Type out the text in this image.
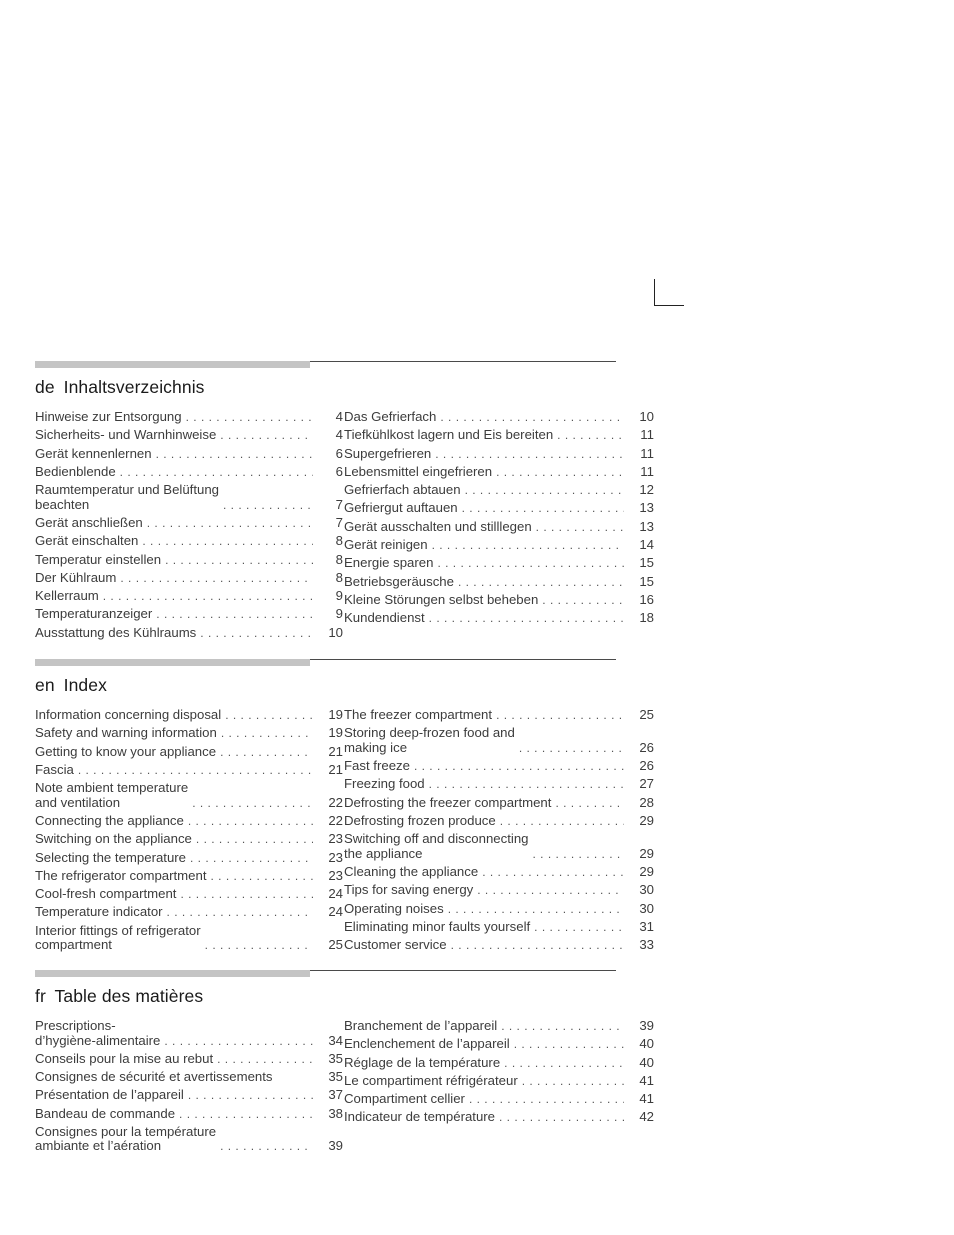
de Inhaltsverzeichnis
Hinweise zur Entsorgung . . .	4
Sicherheits- und Warnhinweise . . .	4
Gerät kennenlernen . . .	6
Bedienblende . . .	6
Raumtemperatur und Belüftung
beachten . . .	7
Gerät anschließen . . .	7
Gerät einschalten . . .	8
Temperatur einstellen . . .	8
Der Kühlraum . . .	8
Kellerraum . . .	9
Temperaturanzeiger . . .	9
Ausstattung des Kühlraums . . .	10
Das Gefrierfach . . .	10
Tiefkühlkost lagern und Eis bereiten . . .	11
Supergefrieren . . .	11
Lebensmittel eingefrieren . . .	11
Gefrierfach abtauen . . .	12
Gefriergut auftauen . . .	13
Gerät ausschalten und stilllegen . . .	13
Gerät reinigen . . .	14
Energie sparen . . .	15
Betriebsgeräusche . . .	15
Kleine Störungen selbst beheben . . .	16
Kundendienst . . .	18
en Index
Information concerning disposal . . .	19
Safety and warning information . . .	19
Getting to know your appliance . . .	21
Fascia . . .	21
Note ambient temperature
and ventilation . . .	22
Connecting the appliance . . .	22
Switching on the appliance . . .	23
Selecting the temperature . . .	23
The refrigerator compartment . . .	23
Cool-fresh compartment . . .	24
Temperature indicator . . .	24
Interior fittings of refrigerator
compartment . . .	25
The freezer compartment . . .	25
Storing deep-frozen food and
making ice . . .	26
Fast freeze . . .	26
Freezing food . . .	27
Defrosting the freezer compartment . . .	28
Defrosting frozen produce . . .	29
Switching off and disconnecting
the appliance . . .	29
Cleaning the appliance . . .	29
Tips for saving energy . . .	30
Operating noises . . .	30
Eliminating minor faults yourself . . .	31
Customer service . . .	33
fr Table des matières
Prescriptions-
d’hygiène-alimentaire . . .	34
Conseils pour la mise au rebut . . .	35
Consignes de sécurité et avertissements	35
Présentation de l’appareil . . .	37
Bandeau de commande . . .	38
Consignes pour la température
ambiante et l’aération . . .	39
Branchement de l’appareil . . .	39
Enclenchement de l’appareil . . .	40
Réglage de la température . . .	40
Le compartiment réfrigérateur . . .	41
Compartiment cellier . . .	41
Indicateur de température . . .	42
